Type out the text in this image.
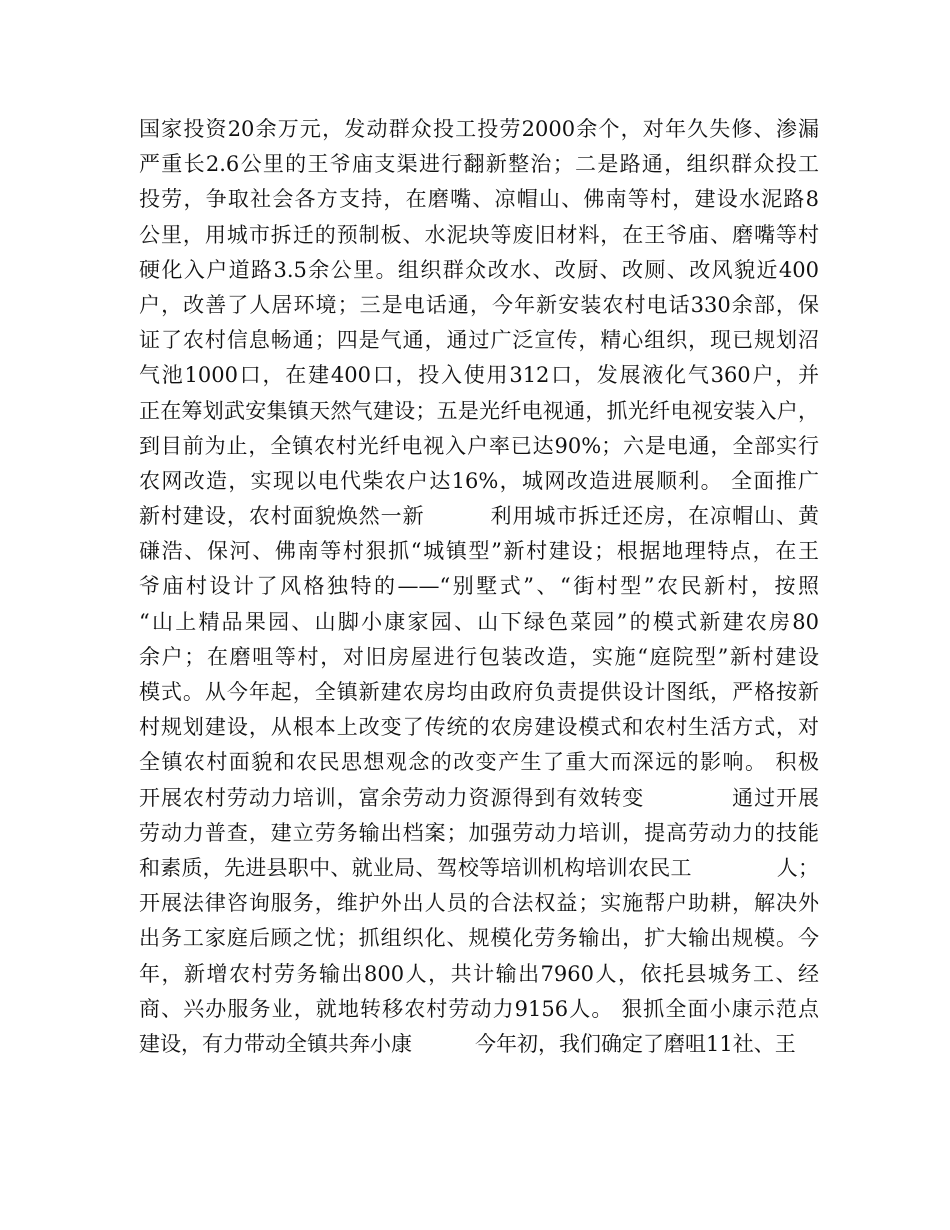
国家投资20余万元，发动群众投工投劳2000余个，对年久失修、渗漏
严重长2.6公里的王爷庙支渠进行翻新整治；二是路通，组织群众投工
投劳，争取社会各方支持，在磨嘴、凉帽山、佛南等村，建设水泥路8
公里，用城市拆迁的预制板、水泥块等废旧材料，在王爷庙、磨嘴等村
硬化入户道路3.5余公里。组织群众改水、改厨、改厕、改风貌近400
户，改善了人居环境；三是电话通，今年新安装农村电话330余部，保
证了农村信息畅通；四是气通，通过广泛宣传，精心组织，现已规划沼
气池1000口，在建400口，投入使用312口，发展液化气360户，并
正在筹划武安集镇天然气建设；五是光纤电视通，抓光纤电视安装入户，
到目前为止，全镇农村光纤电视入户率已达90%；六是电通，全部实行
农网改造，实现以电代柴农户达16%，城网改造进展顺利。 全面推广
新村建设，农村面貌焕然一新　　　利用城市拆迁还房，在凉帽山、黄
磏浩、保河、佛南等村狠抓“城镇型”新村建设；根据地理特点，在王
爷庙村设计了风格独特的——“别墅式”、“街村型”农民新村，按照
“山上精品果园、山脚小康家园、山下绿色菜园”的模式新建农房80
余户；在磨咀等村，对旧房屋进行包装改造，实施“庭院型”新村建设
模式。从今年起，全镇新建农房均由政府负责提供设计图纸，严格按新
村规划建设，从根本上改变了传统的农房建设模式和农村生活方式，对
全镇农村面貌和农民思想观念的改变产生了重大而深远的影响。 积极
开展农村劳动力培训，富余劳动力资源得到有效转变　　　　通过开展
劳动力普查，建立劳务输出档案；加强劳动力培训，提高劳动力的技能
和素质，先进县职中、就业局、驾校等培训机构培训农民工　　　　人；
开展法律咨询服务，维护外出人员的合法权益；实施帮户助耕，解决外
出务工家庭后顾之忧；抓组织化、规模化劳务输出，扩大输出规模。今
年，新增农村劳务输出800人，共计输出7960人，依托县城务工、经
商、兴办服务业，就地转移农村劳动力9156人。 狠抓全面小康示范点
建设，有力带动全镇共奔小康　　　今年初，我们确定了磨咀11社、王
